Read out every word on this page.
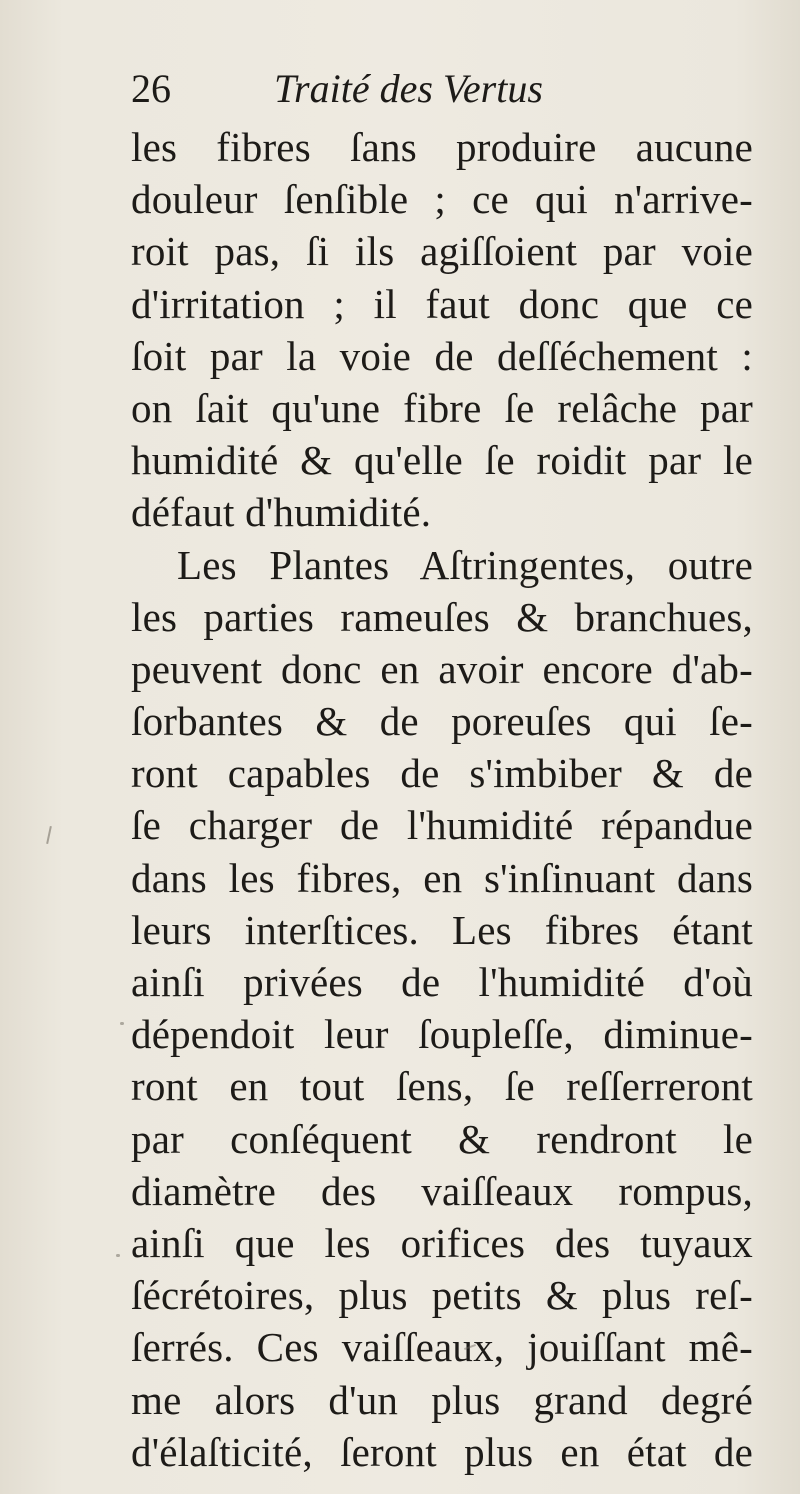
26	Traité des Vertus
les fibres ſans produire aucune
douleur ſenſible ; ce qui n'arrive-
roit pas, ſi ils agiſſoient par voie
d'irritation ; il faut donc que ce
ſoit par la voie de deſſéchement :
on ſait qu'une fibre ſe relâche par
humidité & qu'elle ſe roidit par le
défaut d'humidité.
Les Plantes Aſtringentes, outre
les parties rameuſes & branchues,
peuvent donc en avoir encore d'ab-
ſorbantes & de poreuſes qui ſe-
ront capables de s'imbiber & de
ſe charger de l'humidité répandue
dans les fibres, en s'inſinuant dans
leurs interſtices. Les fibres étant
ainſi privées de l'humidité d'où
dépendoit leur ſoupleſſe, diminue-
ront en tout ſens, ſe reſſerreront
par conſéquent & rendront le
diamètre des vaiſſeaux rompus,
ainſi que les orifices des tuyaux
ſécrétoires, plus petits & plus reſ-
ſerrés. Ces vaiſſeaux, jouiſſant mê-
me alors d'un plus grand degré
d'élaſticité, ſeront plus en état de
